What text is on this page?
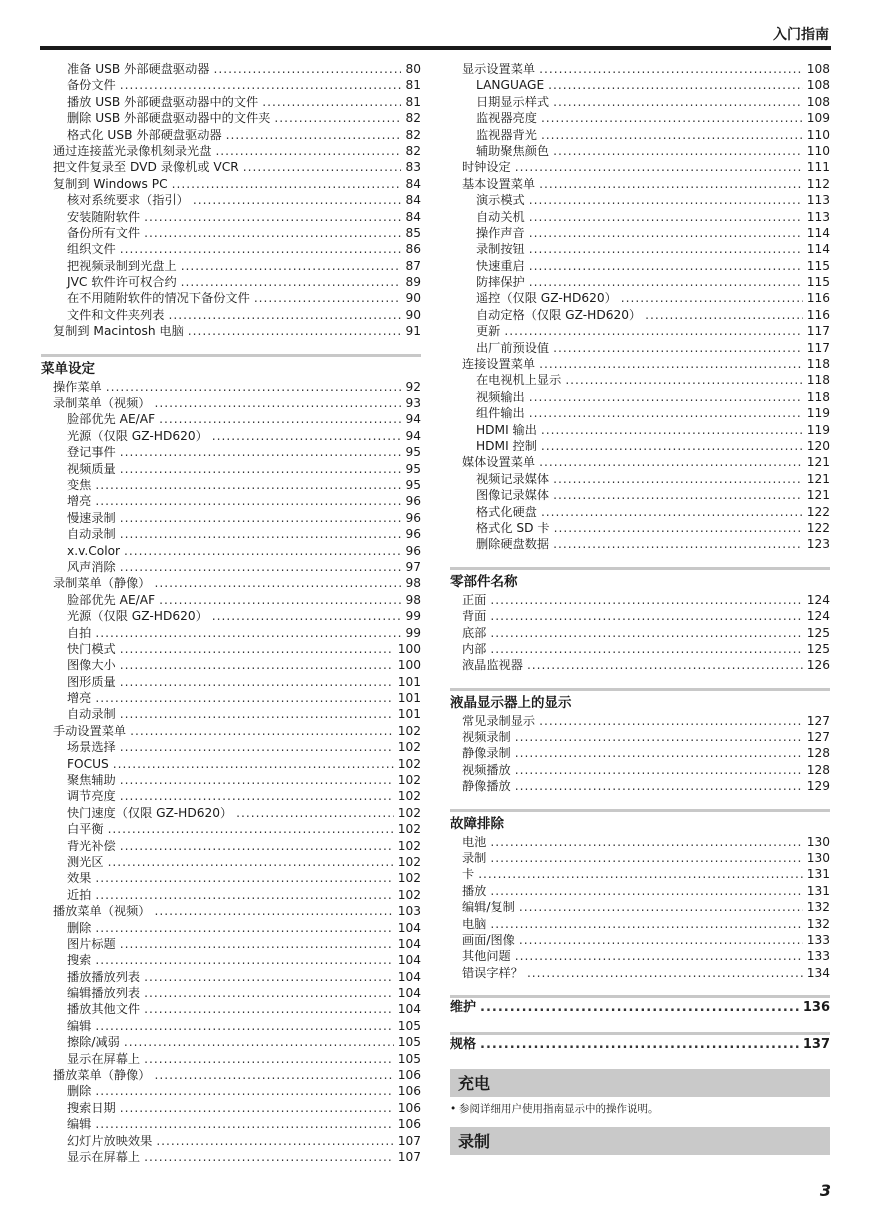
入门指南
准备 USB 外部硬盘驱动器 .....	80
备份文件 .....	81
播放 USB 外部硬盘驱动器中的文件 .....	81
删除 USB 外部硬盘驱动器中的文件夹 .....	82
格式化 USB 外部硬盘驱动器 .....	82
通过连接蓝光录像机刻录光盘 .....	82
把文件复录至 DVD 录像机或 VCR .....	83
复制到 Windows PC .....	84
核对系统要求（指引） .....	84
安装随附软件 .....	84
备份所有文件 .....	85
组织文件 .....	86
把视频录制到光盘上 .....	87
JVC 软件许可权合约 .....	89
在不用随附软件的情况下备份文件 .....	90
文件和文件夹列表 .....	90
复制到 Macintosh 电脑 .....	91
菜单设定
操作菜单 .....	92
录制菜单（视频） .....	93
脸部优先 AE/AF .....	94
光源（仅限 GZ-HD620） .....	94
登记事件 .....	95
视频质量 .....	95
变焦 .....	95
增亮 .....	96
慢速录制 .....	96
自动录制 .....	96
x.v.Color .....	96
风声消除 .....	97
录制菜单（静像） .....	98
脸部优先 AE/AF .....	98
光源（仅限 GZ-HD620） .....	99
自拍 .....	99
快门模式 .....	100
图像大小 .....	100
图形质量 .....	101
增亮 .....	101
自动录制 .....	101
手动设置菜单 .....	102
场景选择 .....	102
FOCUS .....	102
聚焦辅助 .....	102
调节亮度 .....	102
快门速度（仅限 GZ-HD620） .....	102
白平衡 .....	102
背光补偿 .....	102
测光区 .....	102
效果 .....	102
近拍 .....	102
播放菜单（视频） .....	103
删除 .....	104
图片标题 .....	104
搜索 .....	104
播放播放列表 .....	104
编辑播放列表 .....	104
播放其他文件 .....	104
编辑 .....	105
擦除/减弱 .....	105
显示在屏幕上 .....	105
播放菜单（静像） .....	106
删除 .....	106
搜索日期 .....	106
编辑 .....	106
幻灯片放映效果 .....	107
显示在屏幕上 .....	107
显示设置菜单 .....	108
LANGUAGE .....	108
日期显示样式 .....	108
监视器亮度 .....	109
监视器背光 .....	110
辅助聚焦颜色 .....	110
时钟设定 .....	111
基本设置菜单 .....	112
演示模式 .....	113
自动关机 .....	113
操作声音 .....	114
录制按钮 .....	114
快速重启 .....	115
防摔保护 .....	115
遥控（仅限 GZ-HD620） .....	116
自动定格（仅限 GZ-HD620） .....	116
更新 .....	117
出厂前预设值 .....	117
连接设置菜单 .....	118
在电视机上显示 .....	118
视频输出 .....	118
组件输出 .....	119
HDMI 输出 .....	119
HDMI 控制 .....	120
媒体设置菜单 .....	121
视频记录媒体 .....	121
图像记录媒体 .....	121
格式化硬盘 .....	122
格式化 SD 卡 .....	122
删除硬盘数据 .....	123
零部件名称
正面 .....	124
背面 .....	124
底部 .....	125
内部 .....	125
液晶监视器 .....	126
液晶显示器上的显示
常见录制显示 .....	127
视频录制 .....	127
静像录制 .....	128
视频播放 .....	128
静像播放 .....	129
故障排除
电池 .....	130
录制 .....	130
卡 .....	131
播放 .....	131
编辑/复制 .....	132
电脑 .....	132
画面/图像 .....	133
其他问题 .....	133
错误字样？ .....	134
维护 .....	136
规格 .....	137
充电
• 参阅详细用户使用指南显示中的操作说明。
录制
3
